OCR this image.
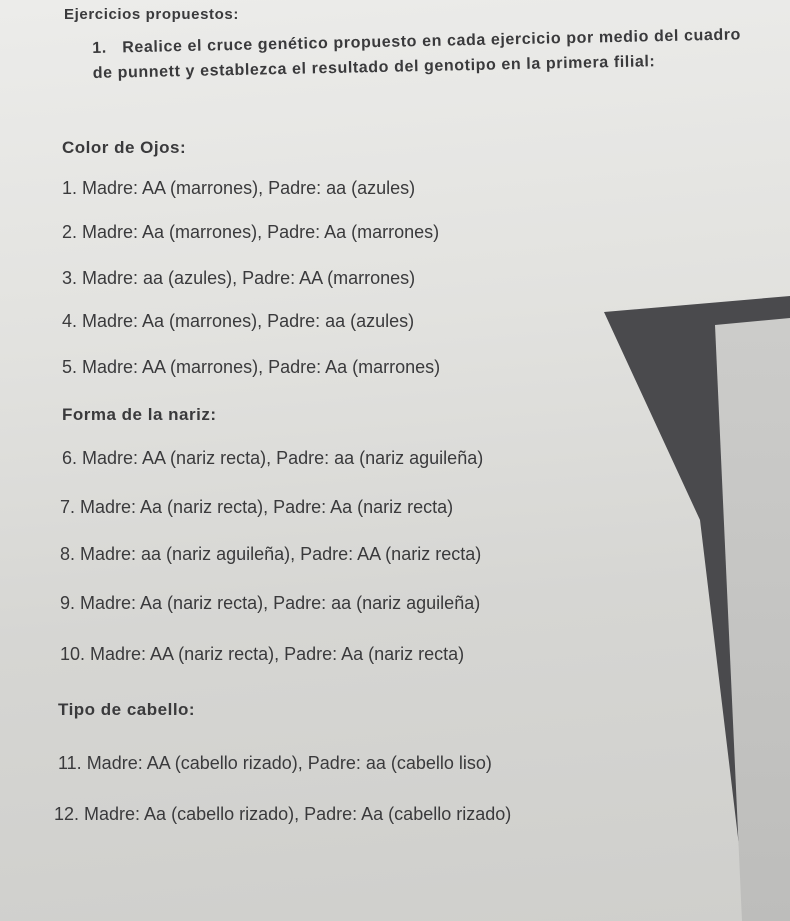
Ejercicios propuestos:
1. Realice el cruce genético propuesto en cada ejercicio por medio del cuadro de punnett y establezca el resultado del genotipo en la primera filial:
Color de Ojos:
1. Madre: AA (marrones), Padre: aa (azules)
2. Madre: Aa (marrones), Padre: Aa (marrones)
3. Madre: aa (azules), Padre: AA (marrones)
4. Madre: Aa (marrones), Padre: aa (azules)
5. Madre: AA (marrones), Padre: Aa (marrones)
Forma de la nariz:
6. Madre: AA (nariz recta), Padre: aa (nariz aguileña)
7. Madre: Aa (nariz recta), Padre: Aa (nariz recta)
8. Madre: aa (nariz aguileña), Padre: AA (nariz recta)
9. Madre: Aa (nariz recta), Padre: aa (nariz aguileña)
10. Madre: AA (nariz recta), Padre: Aa (nariz recta)
Tipo de cabello:
11. Madre: AA (cabello rizado), Padre: aa (cabello liso)
12. Madre: Aa (cabello rizado), Padre: Aa (cabello rizado)
